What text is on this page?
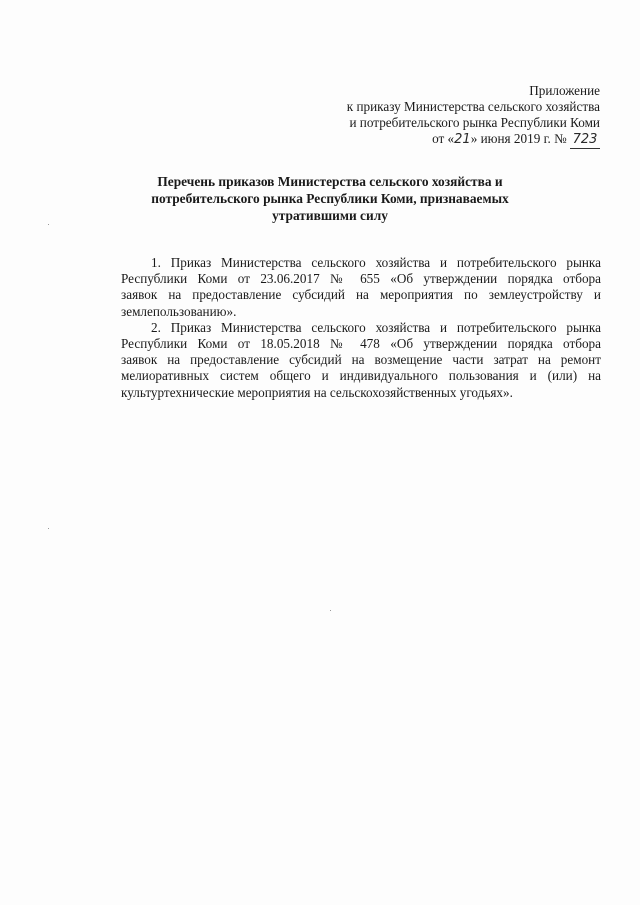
Приложение
к приказу Министерства сельского хозяйства
и потребительского рынка Республики Коми
от «21» июня 2019 г. № 723
Перечень приказов Министерства сельского хозяйства и
потребительского рынка Республики Коми, признаваемых
утратившими силу
1. Приказ Министерства сельского хозяйства и потребительского рынка
Республики Коми от 23.06.2017 № 655 «Об утверждении порядка отбора
заявок на предоставление субсидий на мероприятия по землеустройству и
землепользованию».
2. Приказ Министерства сельского хозяйства и потребительского рынка
Республики Коми от 18.05.2018 № 478 «Об утверждении порядка отбора
заявок на предоставление субсидий на возмещение части затрат на ремонт
мелиоративных систем общего и индивидуального пользования и (или) на
культуртехнические мероприятия на сельскохозяйственных угодьях».
